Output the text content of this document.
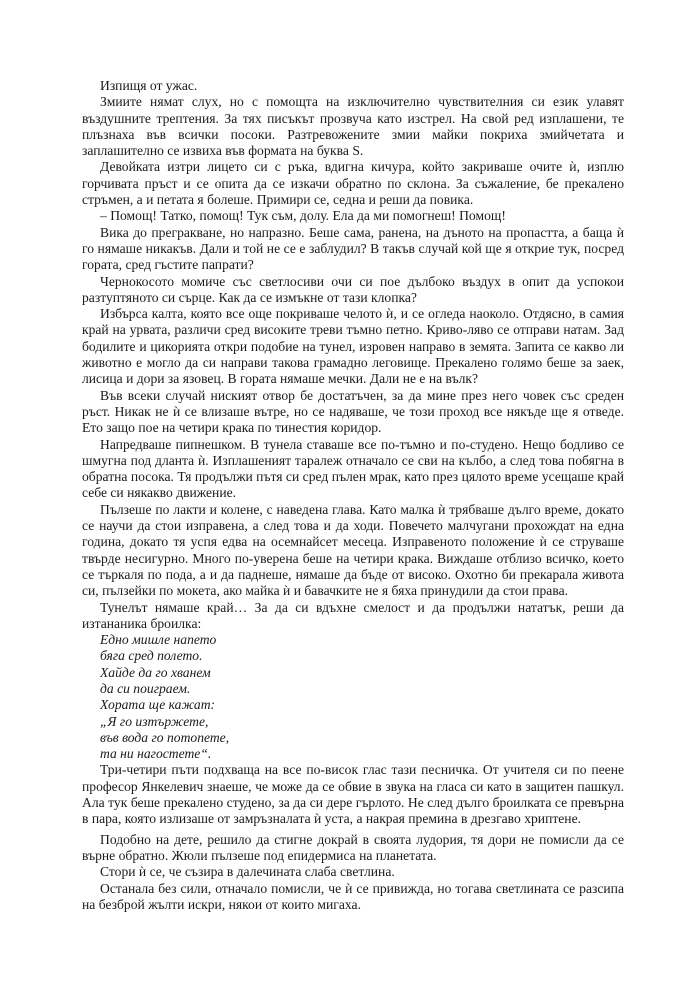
Изпищя от ужас.

Змиите нямат слух, но с помощта на изключително чувствителния си език улавят въздушните трептения. За тях писъкът прозвуча като изстрел. На свой ред изплашени, те плъзнаха във всички посоки. Разтревожените змии майки покриха змийчетата и заплашително се извиха във формата на буква S.

Девойката изтри лицето си с ръка, вдигна кичура, който закриваше очите ѝ, изплю горчивата пръст и се опита да се изкачи обратно по склона. За съжаление, бе прекалено стръмен, а и петата я болеше. Примири се, седна и реши да повика.

– Помощ! Татко, помощ! Тук съм, долу. Ела да ми помогнеш! Помощ!

Вика до прегракване, но напразно. Беше сама, ранена, на дъното на пропастта, а баща ѝ го нямаше никакъв. Дали и той не се е заблудил? В такъв случай кой ще я открие тук, посред гората, сред гъстите папрати?

Чернокосото момиче със светлосиви очи си пое дълбоко въздух в опит да успокои разтуптяното си сърце. Как да се измъкне от тази клопка?

Избърса калта, която все още покриваше челото ѝ, и се огледа наоколо. Отдясно, в самия край на урвата, различи сред високите треви тъмно петно. Криво-ляво се отправи натам. Зад бодилите и цикорията откри подобие на тунел, изровен направо в земята. Запита се какво ли животно е могло да си направи такова грамадно леговище. Прекалено голямо беше за заек, лисица и дори за язовец. В гората нямаше мечки. Дали не е на вълк?

Във всеки случай ниският отвор бе достатъчен, за да мине през него човек със среден ръст. Никак не ѝ се влизаше вътре, но се надяваше, че този проход все някъде ще я отведе. Ето защо пое на четири крака по тинестия коридор.

Напредваше пипнешком. В тунела ставаше все по-тъмно и по-студено. Нещо бодливо се шмугна под дланта ѝ. Изплашеният таралеж отначало се сви на кълбо, а след това побягна в обратна посока. Тя продължи пътя си сред пълен мрак, като през цялото време усещаше край себе си някакво движение.

Пълзеше по лакти и колене, с наведена глава. Като малка ѝ трябваше дълго време, докато се научи да стои изправена, а след това и да ходи. Повечето малчугани прохождат на една година, докато тя успя едва на осемнайсет месеца. Изправеното положение ѝ се струваше твърде несигурно. Много по-уверена беше на четири крака. Виждаше отблизо всичко, което се търкаля по пода, а и да паднеше, нямаше да бъде от високо. Охотно би прекарала живота си, пълзейки по мокета, ако майка ѝ и бавачките не я бяха принудили да стои права.

Тунелът нямаше край… За да си вдъхне смелост и да продължи нататък, реши да изтананика броилка:

Едно мишле напето
бяга сред полето.
Хайде да го хванем
да си поиграем.
Хората ще кажат:
„Я го изтържете,
във вода го потопете,
та ни нагостете“.

Три-четири пъти подхваща на все по-висок глас тази песничка. От учителя си по пеене професор Янкелевич знаеше, че може да се обвие в звука на гласа си като в защитен пашкул. Ала тук беше прекалено студено, за да си дере гърлото. Не след дълго броилката се превърна в пара, която излизаше от замръзналата ѝ уста, а накрая премина в дрезгаво хриптене.

Подобно на дете, решило да стигне докрай в своята лудория, тя дори не помисли да се върне обратно. Жюли пълзеше под епидермиса на планетата.

Стори ѝ се, че съзира в далечината слаба светлина.

Останала без сили, отначало помисли, че ѝ се привижда, но тогава светлината се разсипа на безброй жълти искри, някои от които мигаха.
